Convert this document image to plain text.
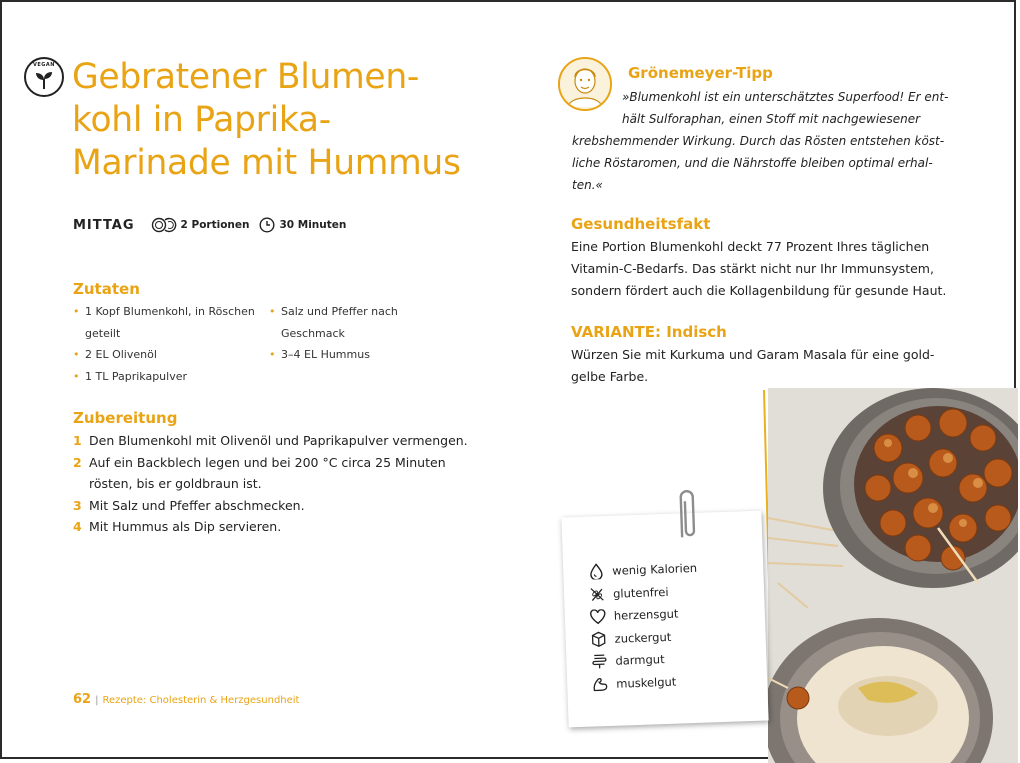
VEGAN Gebratener Blumen-
kohl in Paprika-
Marinade mit Hummus
MITTAG	2 Portionen	30 Minuten
Zutaten
• 1 Kopf Blumenkohl, in Röschen
geteilt
• 2 EL Olivenöl
• 1 TL Paprikapulver
• Salz und Pfeffer nach
Geschmack
• 3–4 EL Hummus
Zubereitung
1 Den Blumenkohl mit Olivenöl und Paprikapulver vermengen.
2 Auf ein Backblech legen und bei 200 °C circa 25 Minuten
rösten, bis er goldbraun ist.
3 Mit Salz und Pfeffer abschmecken.
4 Mit Hummus als Dip servieren.
62 | Rezepte: Cholesterin & Herzgesundheit
Grönemeyer-Tipp
»Blumenkohl ist ein unterschätztes Superfood! Er ent-
hält Sulforaphan, einen Stoff mit nachgewiesener
krebshemmender Wirkung. Durch das Rösten entstehen köst-
liche Röstaromen, und die Nährstoffe bleiben optimal erhal-
ten.«
Gesundheitsfakt
Eine Portion Blumenkohl deckt 77 Prozent Ihres täglichen
Vitamin-C-Bedarfs. Das stärkt nicht nur Ihr Immunsystem,
sondern fördert auch die Kollagenbildung für gesunde Haut.
VARIANTE: Indisch
Würzen Sie mit Kurkuma und Garam Masala für eine gold-
gelbe Farbe.
wenig Kalorien
glutenfrei
herzensgut
zuckergut
darmgut
muskelgut
